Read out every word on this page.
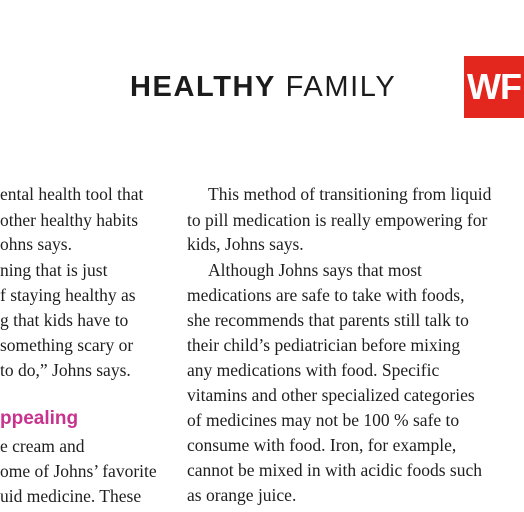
HEALTHY FAMILY WF
ental health tool that
other healthy habits
ohns says.
ning that is just
f staying healthy as
g that kids have to
something scary or
to do,” Johns says.
ppealing
e cream and
ome of Johns’ favorite
uid medicine. These
This method of transitioning from liquid
to pill medication is really empowering for
kids, Johns says.
Although Johns says that most
medications are safe to take with foods,
she recommends that parents still talk to
their child’s pediatrician before mixing
any medications with food. Specific
vitamins and other specialized categories
of medicines may not be 100 % safe to
consume with food. Iron, for example,
cannot be mixed in with acidic foods such
as orange juice.
